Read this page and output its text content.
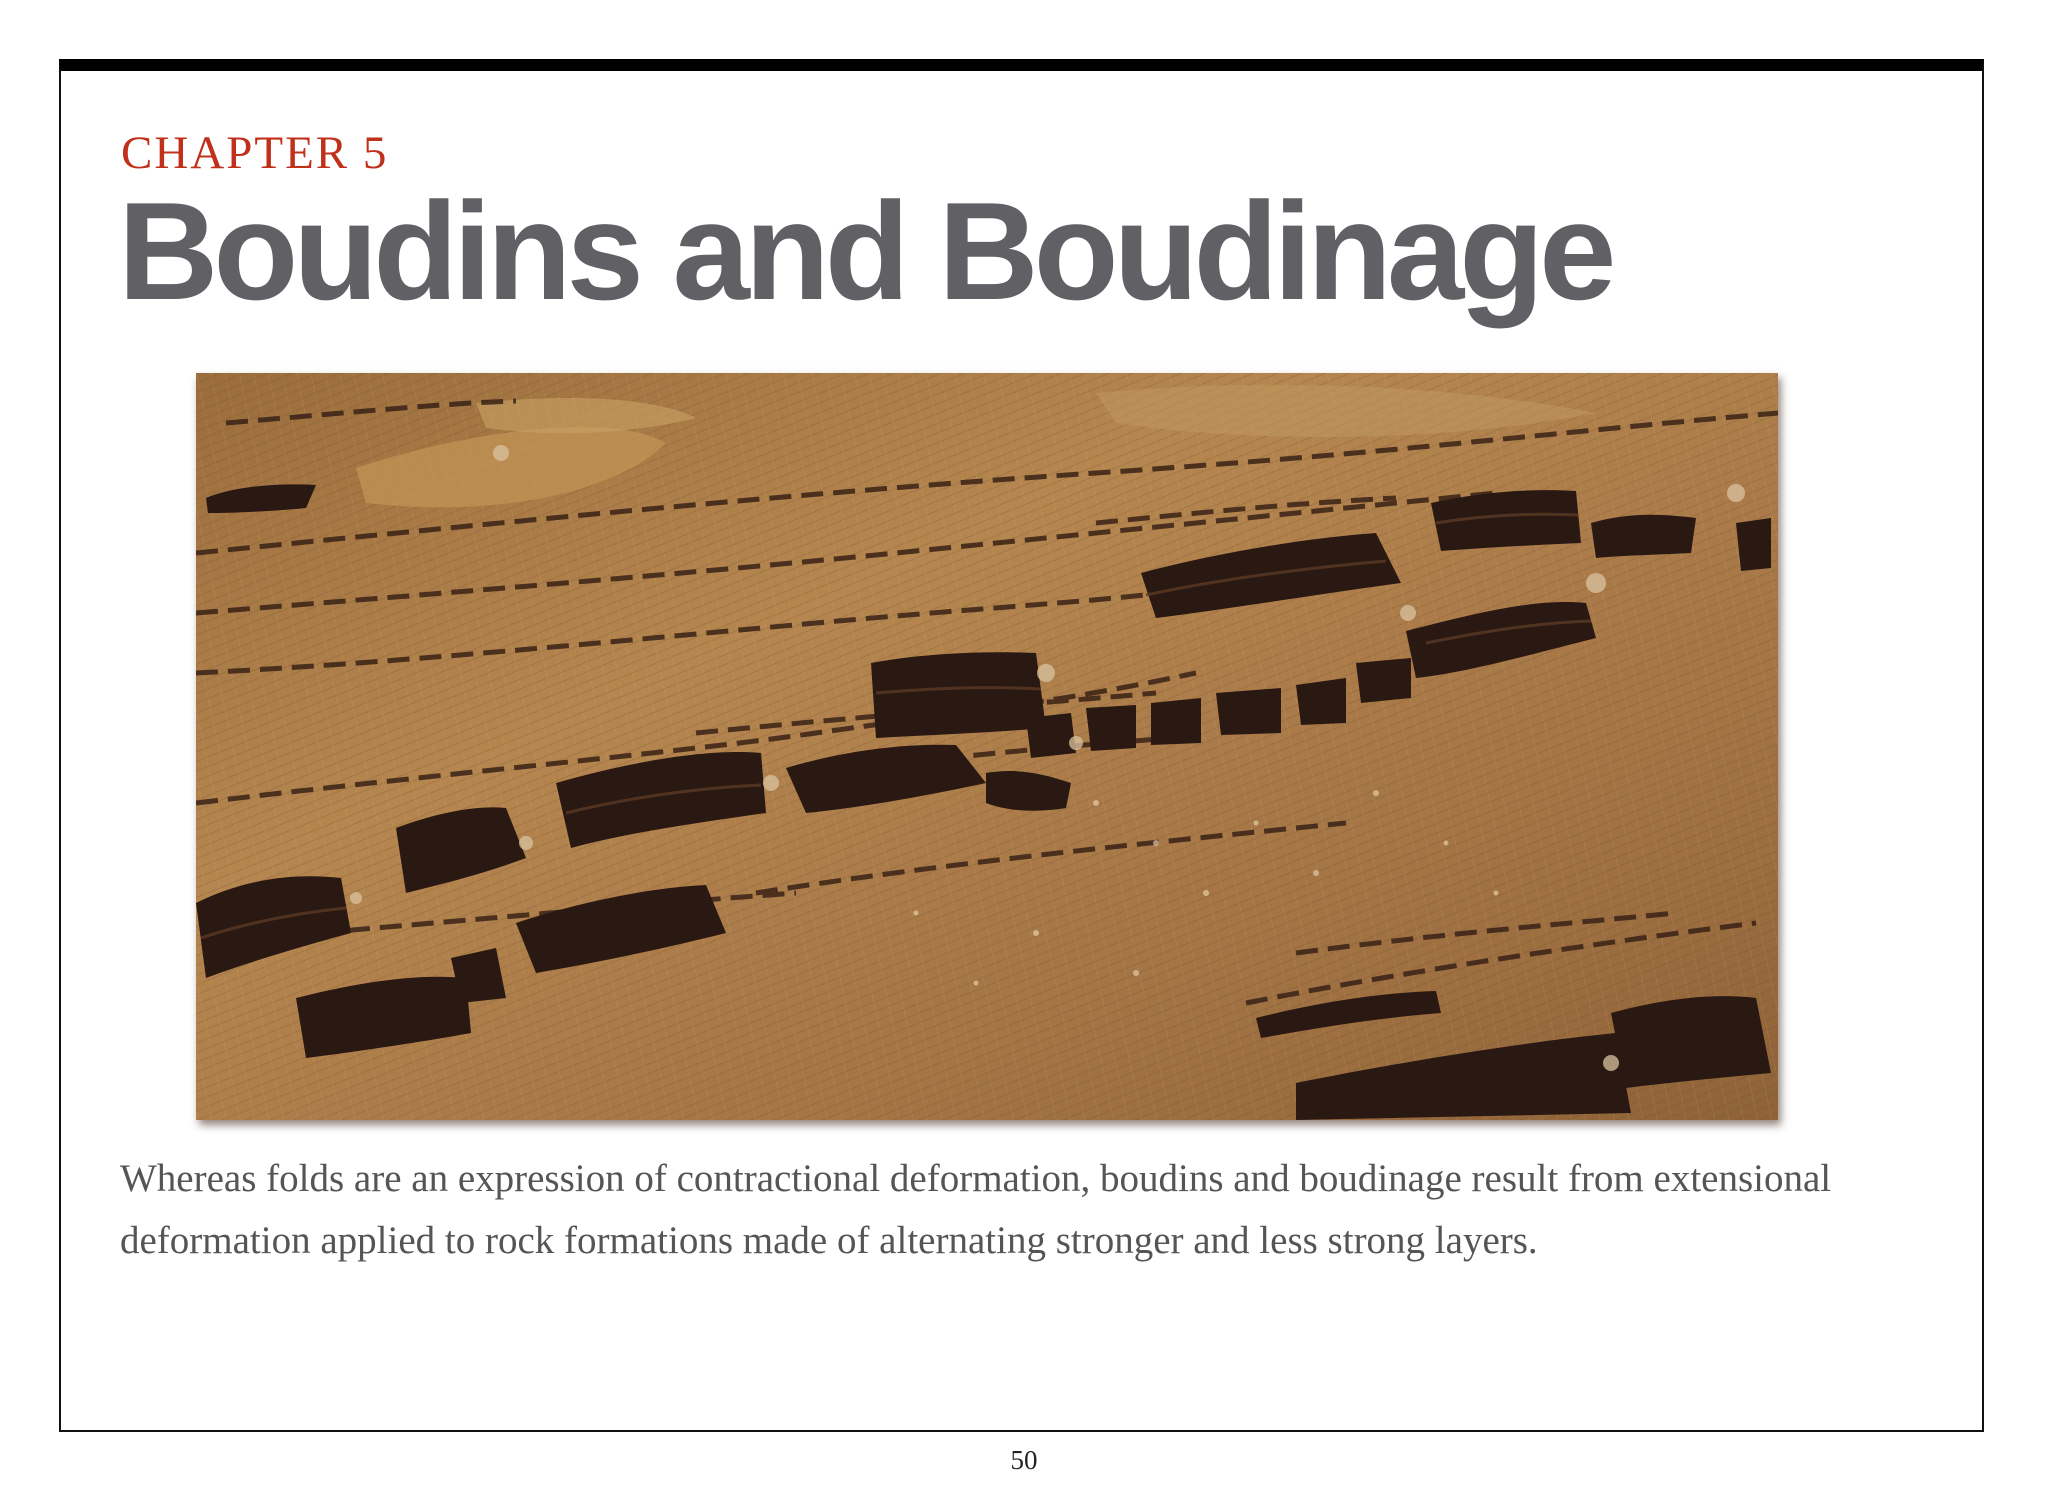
CHAPTER 5
Boudins and Boudinage
Whereas folds are an expression of contractional deformation, boudins and boudinage result from extensional deformation applied to rock formations made of alternating stronger and less strong layers.
50
